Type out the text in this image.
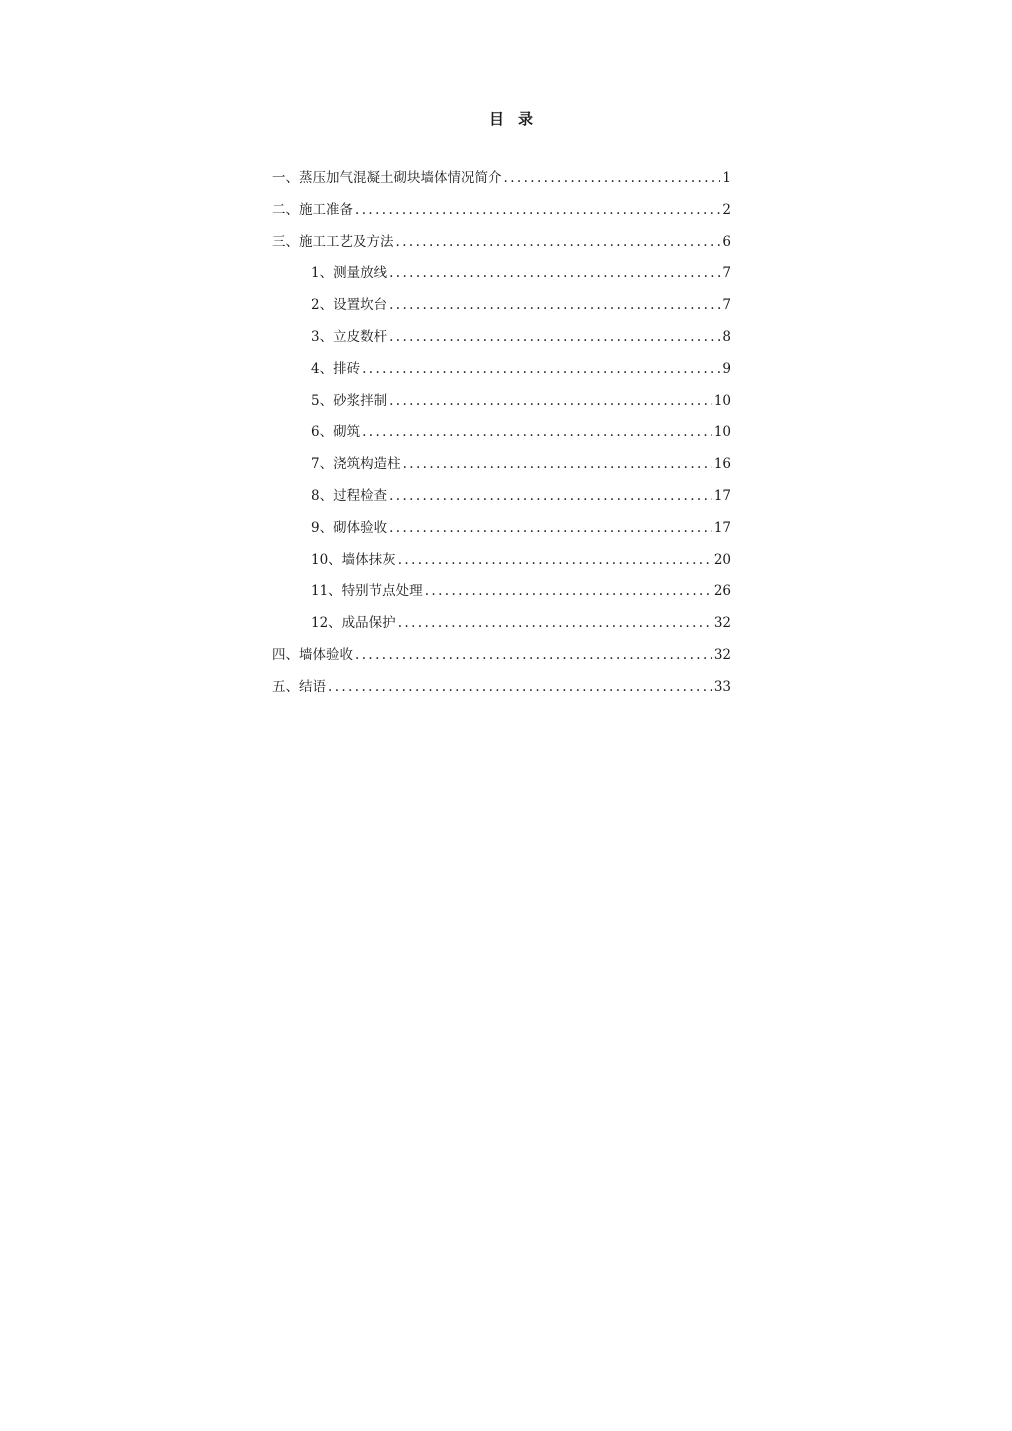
目录
一、蒸压加气混凝土砌块墙体情况简介 .....	1
二、施工准备 .....	2
三、施工工艺及方法 .....	6
1、测量放线 .....	7
2、设置坎台 .....	7
3、立皮数杆 .....	8
4、排砖 .....	9
5、砂浆拌制 .....	10
6、砌筑 .....	10
7、浇筑构造柱 .....	16
8、过程检查 .....	17
9、砌体验收 .....	17
10、墙体抹灰 .....	20
11、特别节点处理 .....	26
12、成品保护 .....	32
四、墙体验收 .....	32
五、结语 .....	33
